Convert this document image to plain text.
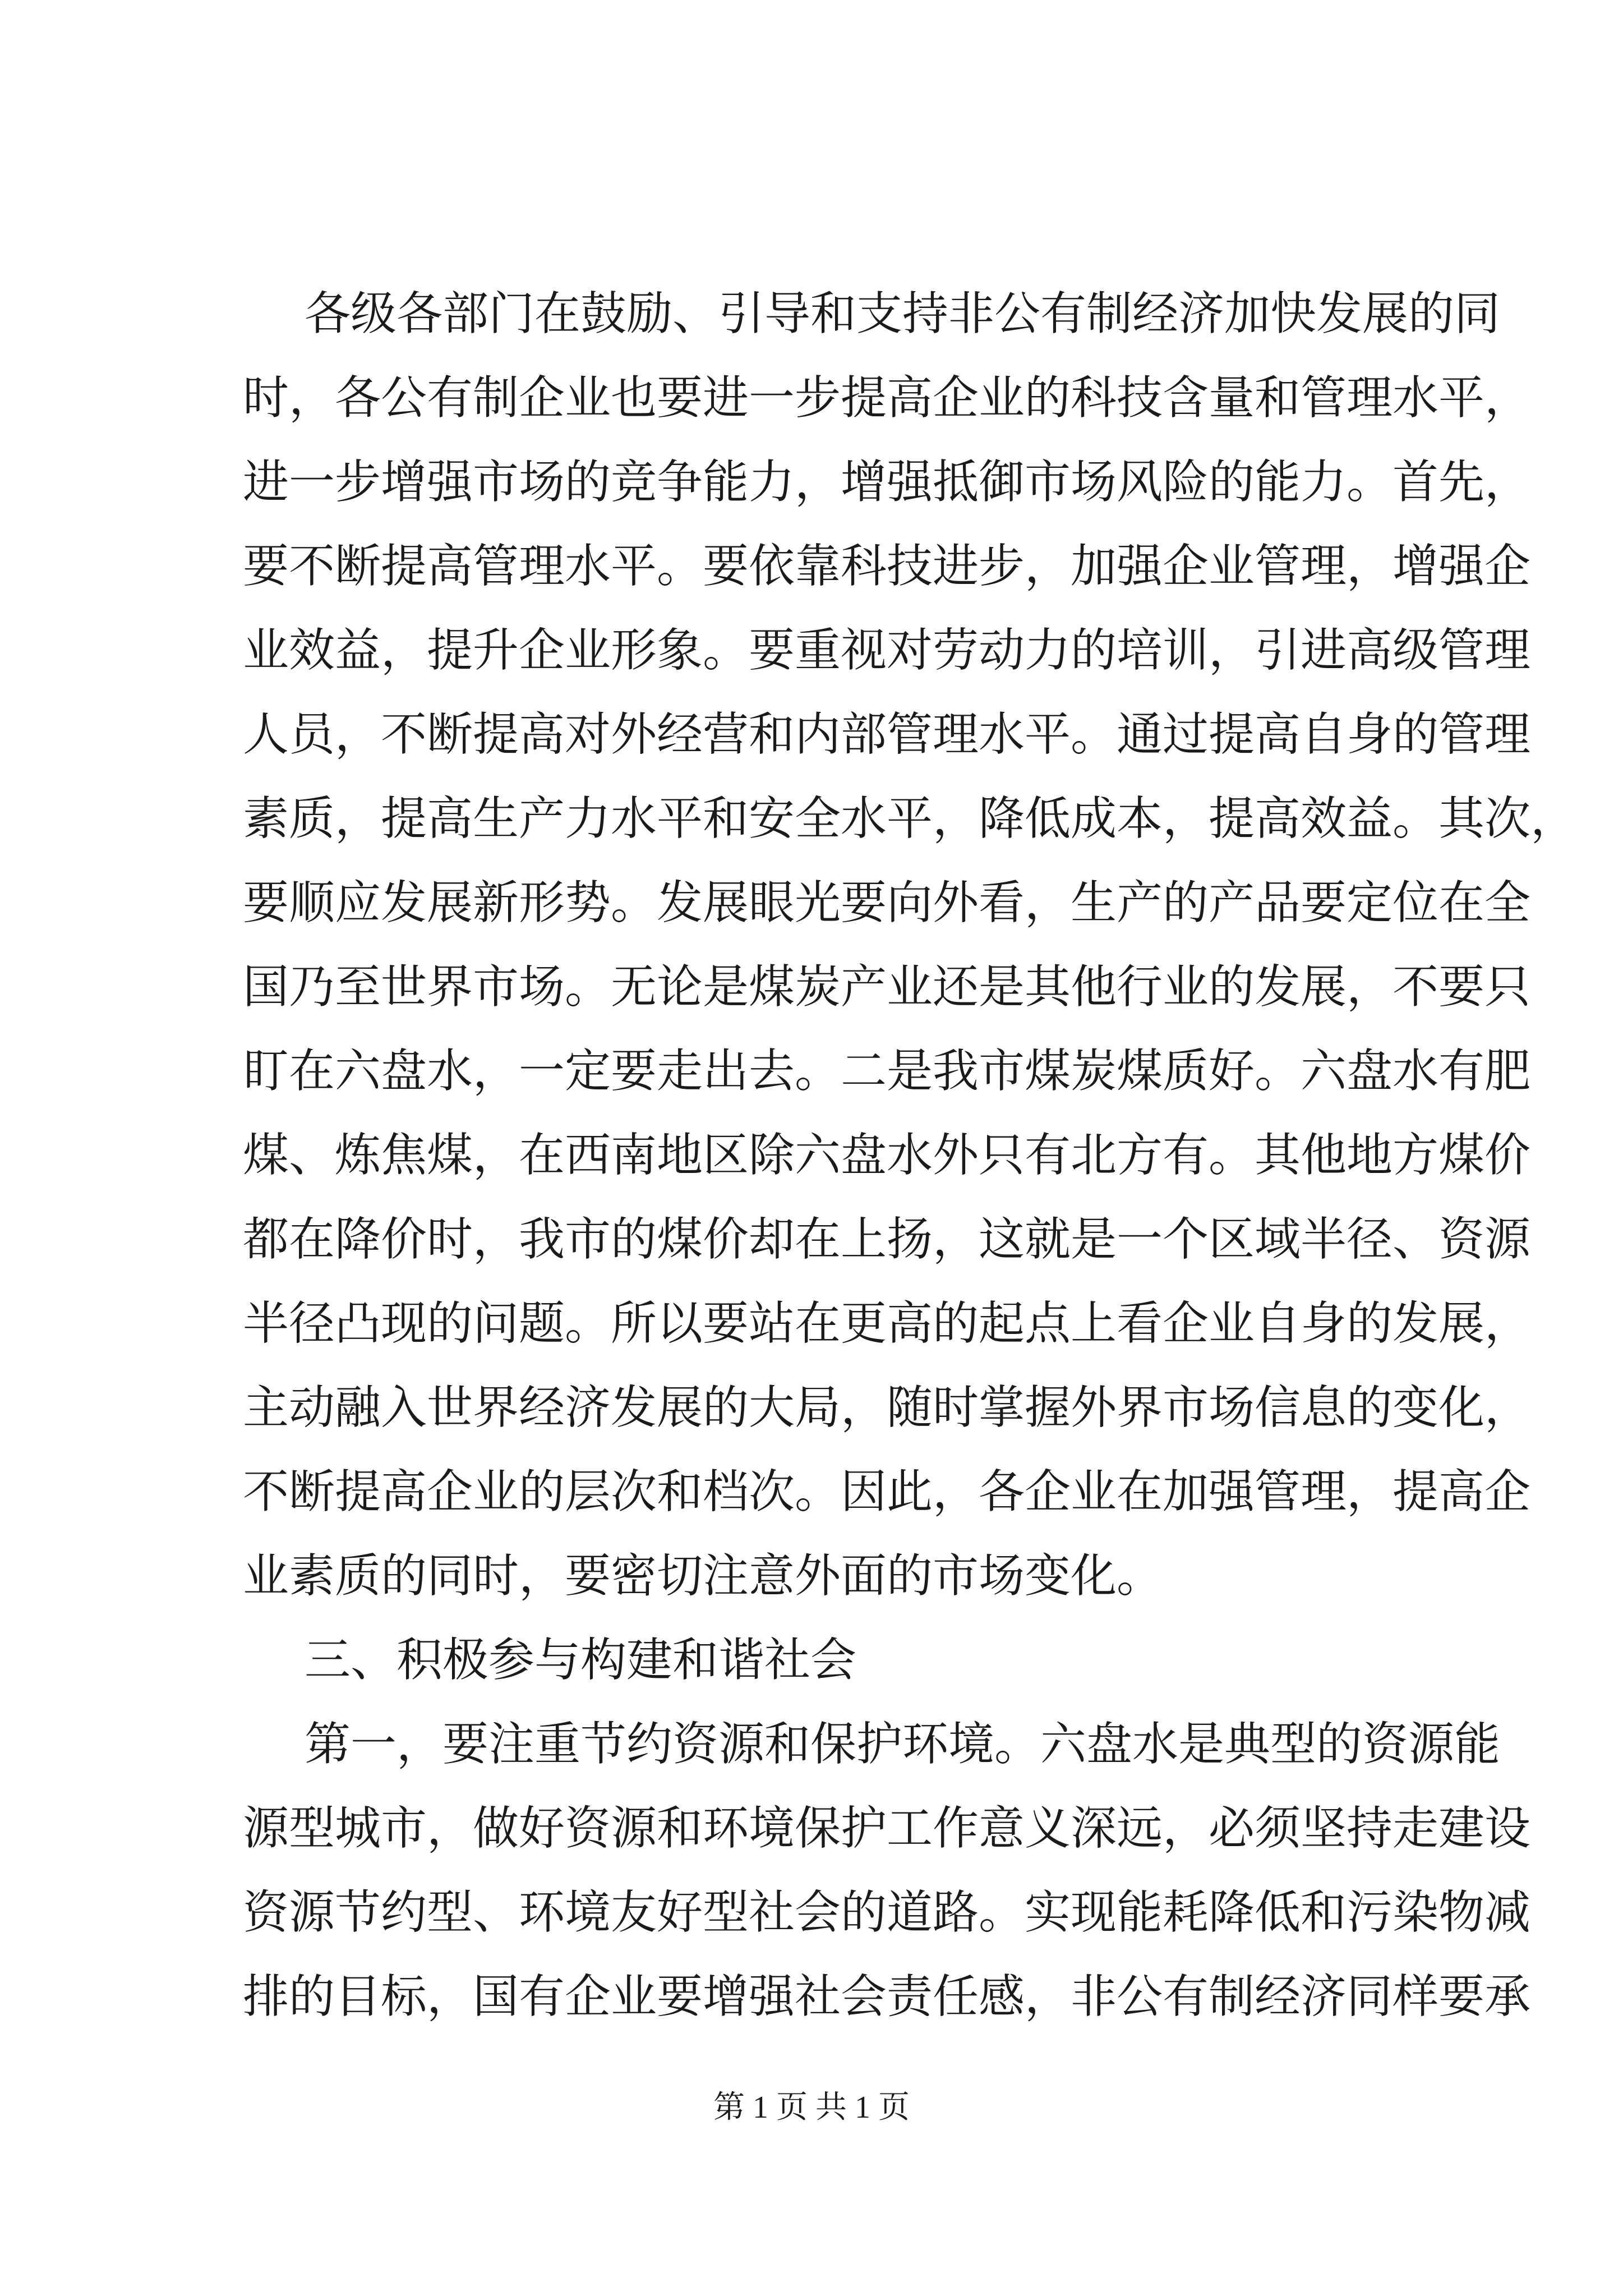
各级各部门在鼓励、引导和支持非公有制经济加快发展的同
时，各公有制企业也要进一步提高企业的科技含量和管理水平，
进一步增强市场的竞争能力，增强抵御市场风险的能力。首先，
要不断提高管理水平。要依靠科技进步，加强企业管理，增强企
业效益，提升企业形象。要重视对劳动力的培训，引进高级管理
人员，不断提高对外经营和内部管理水平。通过提高自身的管理
素质，提高生产力水平和安全水平，降低成本，提高效益。其次，
要顺应发展新形势。发展眼光要向外看，生产的产品要定位在全
国乃至世界市场。无论是煤炭产业还是其他行业的发展，不要只
盯在六盘水，一定要走出去。二是我市煤炭煤质好。六盘水有肥
煤、炼焦煤，在西南地区除六盘水外只有北方有。其他地方煤价
都在降价时，我市的煤价却在上扬，这就是一个区域半径、资源
半径凸现的问题。所以要站在更高的起点上看企业自身的发展，
主动融入世界经济发展的大局，随时掌握外界市场信息的变化，
不断提高企业的层次和档次。因此，各企业在加强管理，提高企
业素质的同时，要密切注意外面的市场变化。
三、积极参与构建和谐社会
第一，要注重节约资源和保护环境。六盘水是典型的资源能
源型城市，做好资源和环境保护工作意义深远，必须坚持走建设
资源节约型、环境友好型社会的道路。实现能耗降低和污染物减
排的目标，国有企业要增强社会责任感，非公有制经济同样要承
第 1 页 共 1 页
